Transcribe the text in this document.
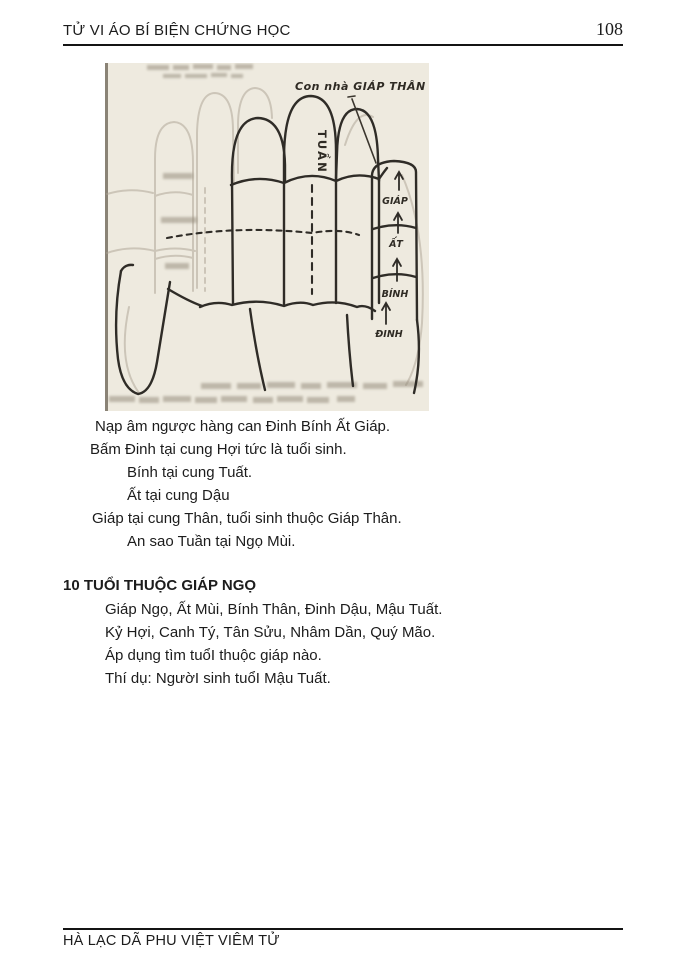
TỬ VI ÁO BÍ BIỆN CHỨNG HỌC	108
Con nhà GIÁP THÂN
TUẦN
GIÁP
ẤT
BÍNH
ĐINH
Nạp âm ngược hàng can Đinh Bính Ất Giáp.
Bấm Đinh tại cung Hợi tức là tuổi sinh.
Bính tại cung Tuất.
Ất tại cung Dậu
Giáp tại cung Thân, tuổi sinh thuộc Giáp Thân.
An sao Tuần tại Ngọ Mùi.
10 TUỔI THUỘC GIÁP NGỌ
Giáp Ngọ, Ất Mùi, Bính Thân, Đinh Dậu, Mậu Tuất.
Kỷ Hợi, Canh Tý, Tân Sửu, Nhâm Dần, Quý Mão.
Áp dụng tìm tuổI thuộc giáp nào.
Thí dụ: NgườI sinh tuổI Mậu Tuất.
HÀ LẠC DÃ PHU VIỆT VIÊM TỬ
